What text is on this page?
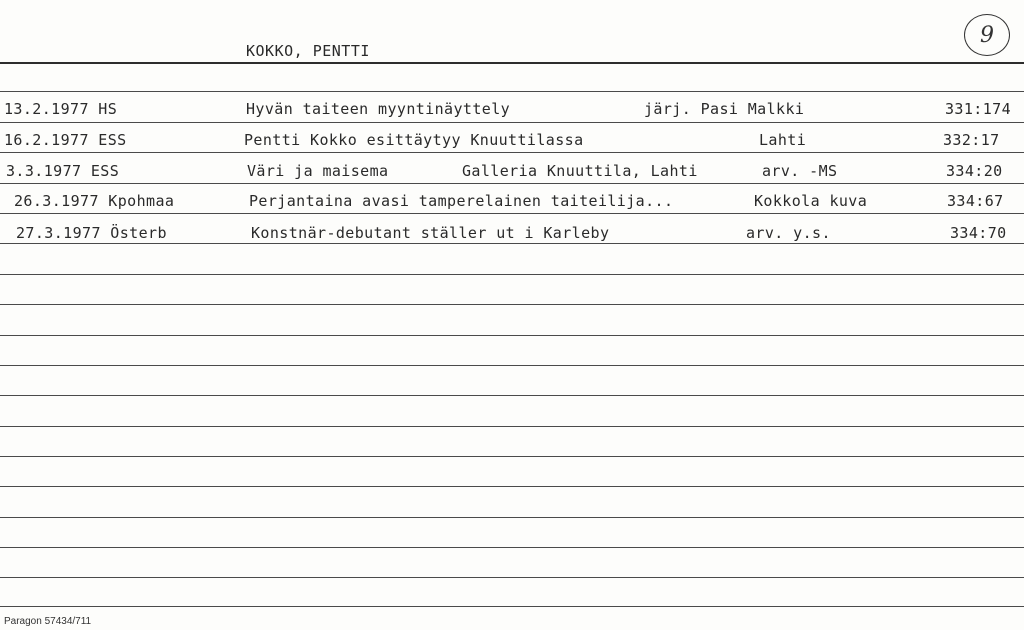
KOKKO, PENTTI
9
13.2.1977 HS	Hyvän taiteen myyntinäyttely	järj. Pasi Malkki	331:174
16.2.1977 ESS	Pentti Kokko esittäytyy Knuuttilassa	Lahti	332:17
3.3.1977 ESS	Väri ja maisema	Galleria Knuuttila, Lahti	arv. -MS	334:20
26.3.1977 Kpohmaa	Perjantaina avasi tamperelainen taiteilija...	Kokkola kuva	334:67
27.3.1977 Österb	Konstnär-debutant ställer ut i Karleby	arv. y.s.	334:70
Paragon 57434/711
